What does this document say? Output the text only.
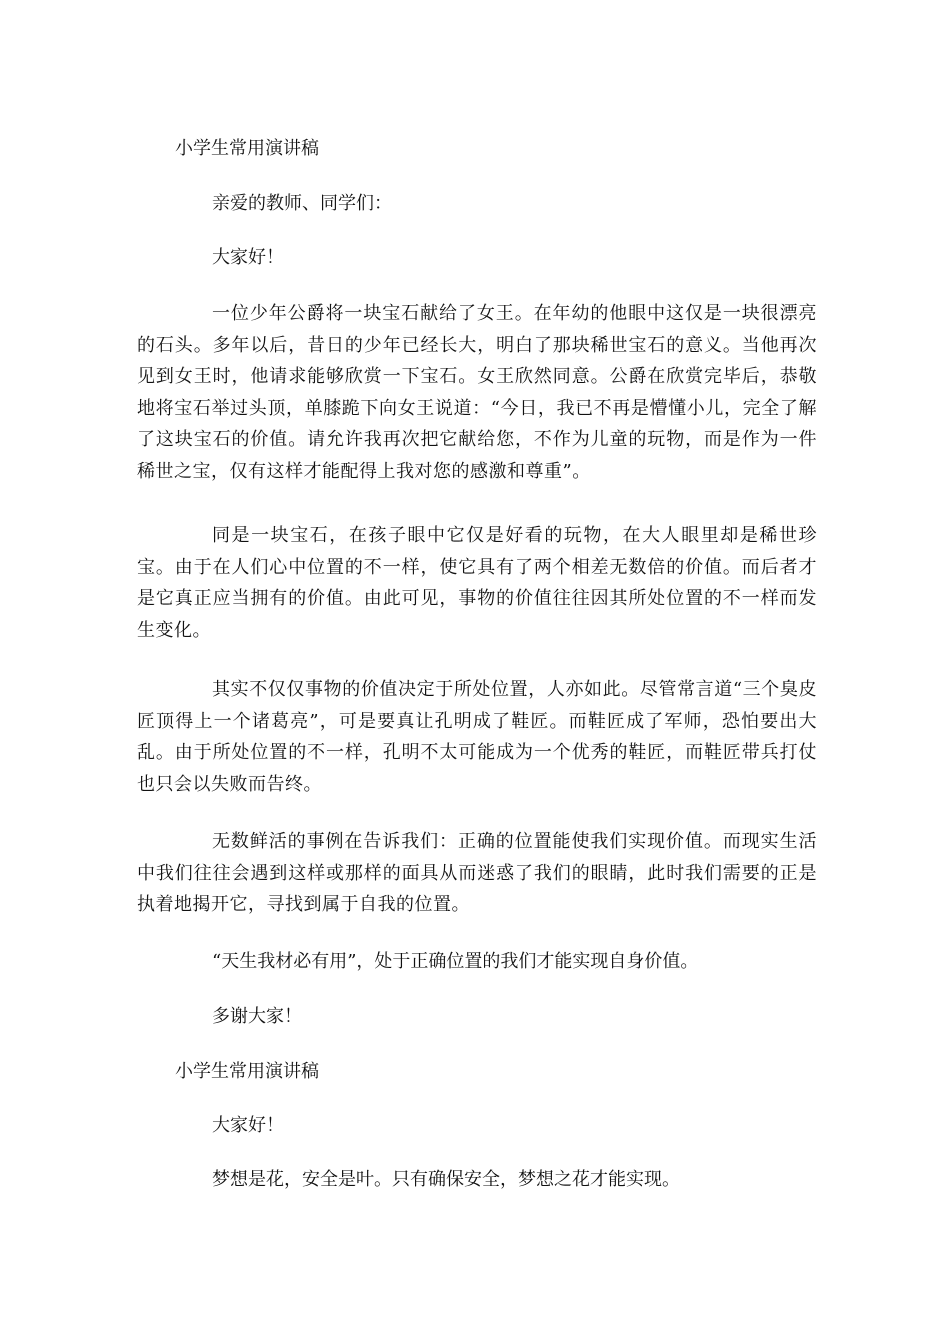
小学生常用演讲稿

亲爱的教师、同学们：

大家好！

一位少年公爵将一块宝石献给了女王。在年幼的他眼中这仅是一块很漂亮的石头。多年以后，昔日的少年已经长大，明白了那块稀世宝石的意义。当他再次见到女王时，他请求能够欣赏一下宝石。女王欣然同意。公爵在欣赏完毕后，恭敬地将宝石举过头顶，单膝跪下向女王说道：“今日，我已不再是懵懂小儿，完全了解了这块宝石的价值。请允许我再次把它献给您，不作为儿童的玩物，而是作为一件稀世之宝，仅有这样才能配得上我对您的感激和尊重”。

同是一块宝石，在孩子眼中它仅是好看的玩物，在大人眼里却是稀世珍宝。由于在人们心中位置的不一样，使它具有了两个相差无数倍的价值。而后者才是它真正应当拥有的价值。由此可见，事物的价值往往因其所处位置的不一样而发生变化。

其实不仅仅事物的价值决定于所处位置，人亦如此。尽管常言道“三个臭皮匠顶得上一个诸葛亮”，可是要真让孔明成了鞋匠。而鞋匠成了军师，恐怕要出大乱。由于所处位置的不一样，孔明不太可能成为一个优秀的鞋匠，而鞋匠带兵打仗也只会以失败而告终。

无数鲜活的事例在告诉我们：正确的位置能使我们实现价值。而现实生活中我们往往会遇到这样或那样的面具从而迷惑了我们的眼睛，此时我们需要的正是执着地揭开它，寻找到属于自我的位置。

“天生我材必有用”，处于正确位置的我们才能实现自身价值。

多谢大家！

小学生常用演讲稿

大家好！

梦想是花，安全是叶。只有确保安全，梦想之花才能实现。
